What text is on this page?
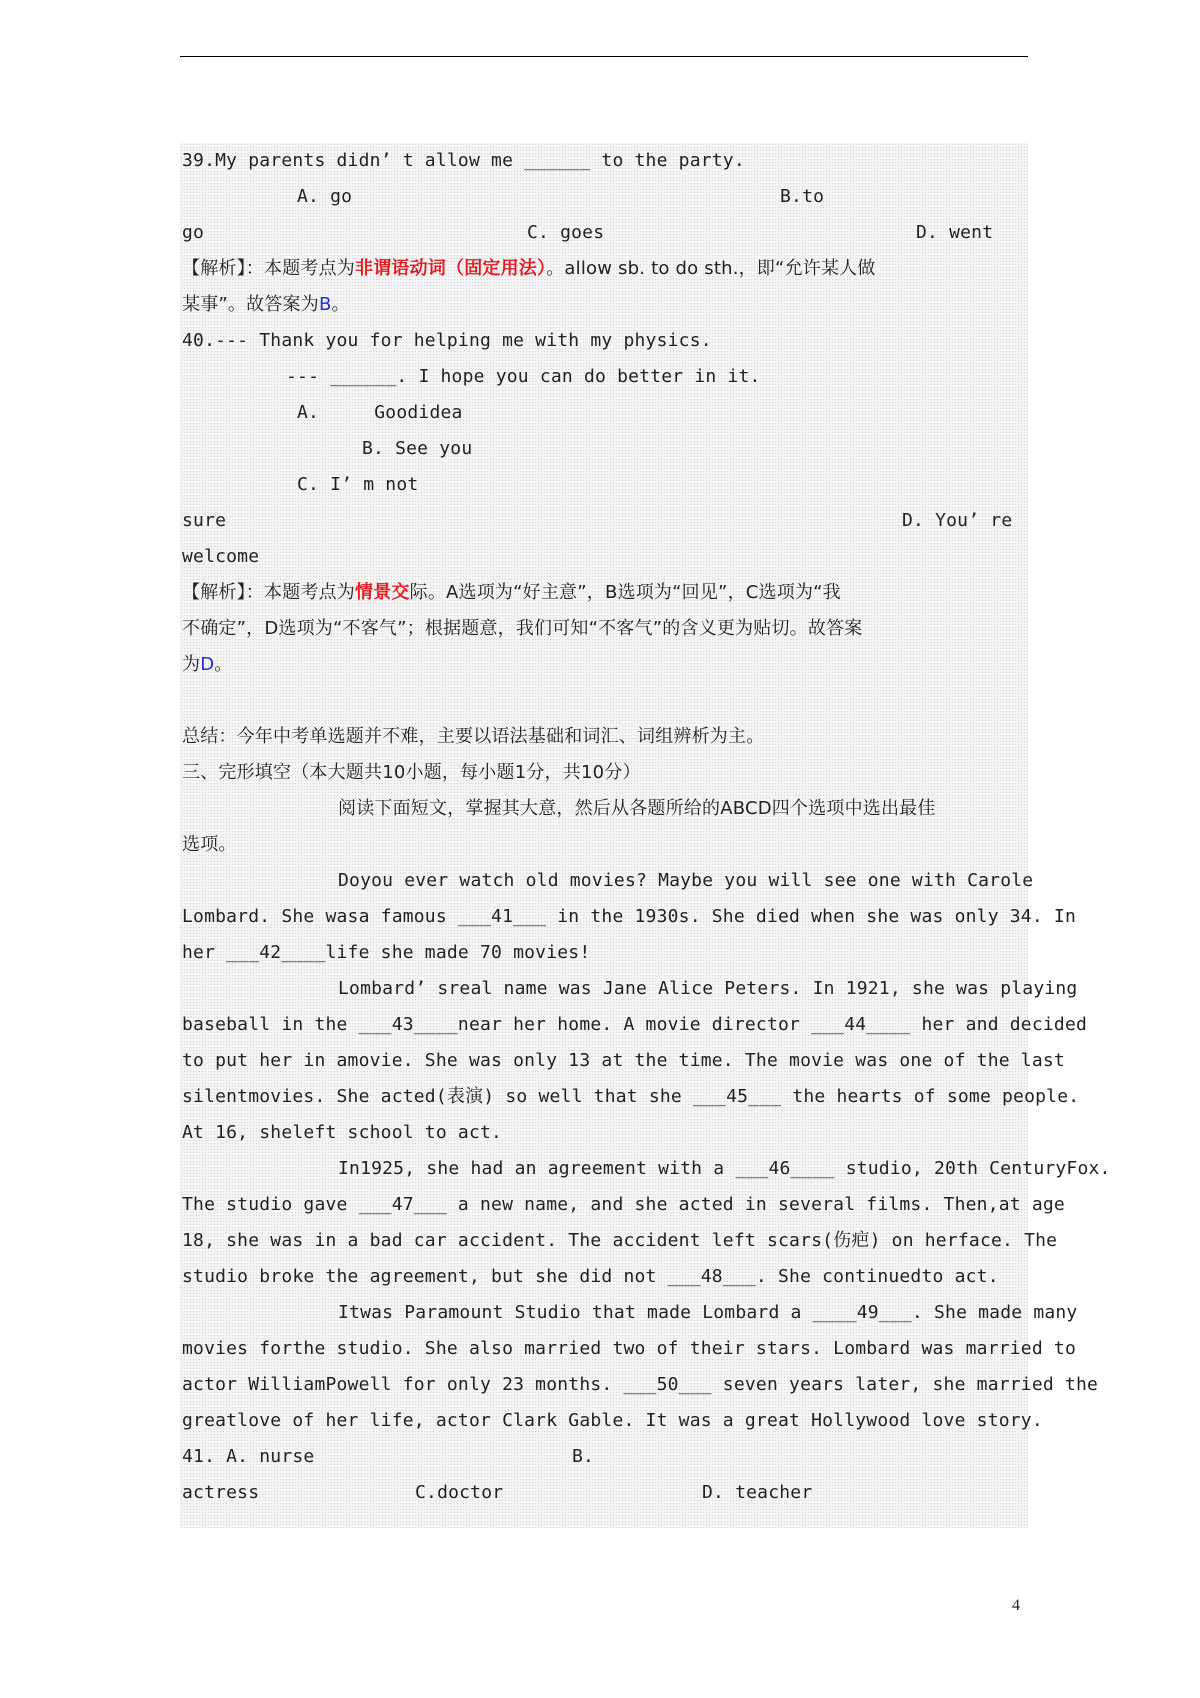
39.My parents didn’ t allow me ______ to the party.

A. go

	B.to

go

	C. goes

	D. went

【解析】：本题考点为非谓语动词（固定用法）。allow sb. to do sth.，即“允许某人做
某事”。故答案为B。
40.--- Thank you for helping me with my physics.
--- ______. I hope you can do better in it.
A.     Goodidea
B. See you
C. I’ m not

sure

	D. You’ re

welcome
【解析】：本题考点为情景交际。A选项为“好主意”，B选项为“回见”，C选项为“我
不确定”，D选项为“不客气”；根据题意，我们可知“不客气”的含义更为贴切。故答案
为D。
总结：今年中考单选题并不难，主要以语法基础和词汇、词组辨析为主。
三、完形填空（本大题共10小题，每小题1分，共10分）
阅读下面短文，掌握其大意，然后从各题所给的ABCD四个选项中选出最佳
选项。
Doyou ever watch old movies? Maybe you will see one with Carole
Lombard. She wasa famous ___41___ in the 1930s. She died when she was only 34. In
her ___42____life she made 70 movies!
Lombard’ sreal name was Jane Alice Peters. In 1921, she was playing
baseball in the ___43____near her home. A movie director ___44____ her and decided
to put her in amovie. She was only 13 at the time. The movie was one of the last
silentmovies. She acted(表演) so well that she ___45___ the hearts of some people.
At 16, sheleft school to act.
In1925, she had an agreement with a ___46____ studio, 20th CenturyFox.
The studio gave ___47___ a new name, and she acted in several films. Then,at age
18, she was in a bad car accident. The accident left scars(伤疤) on herface. The
studio broke the agreement, but she did not ___48___. She continuedto act.
Itwas Paramount Studio that made Lombard a ____49___. She made many
movies forthe studio. She also married two of their stars. Lombard was married to
actor WilliamPowell for only 23 months. ___50___ seven years later, she married the
greatlove of her life, actor Clark Gable. It was a great Hollywood love story.

41. A. nurse

	B.

actress

	C.doctor

	D. teacher

4
